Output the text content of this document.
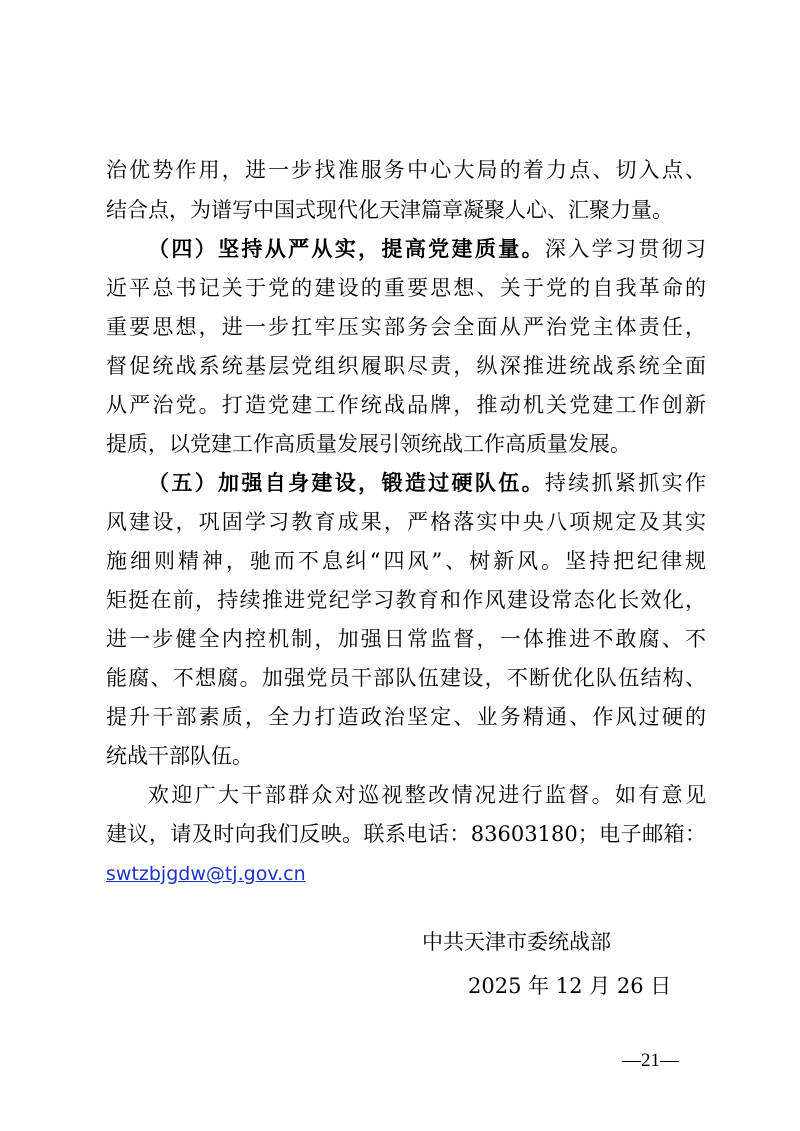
治优势作用，进一步找准服务中心大局的着力点、切入点、
结合点，为谱写中国式现代化天津篇章凝聚人心、汇聚力量。
（四）坚持从严从实，提高党建质量。深入学习贯彻习
近平总书记关于党的建设的重要思想、关于党的自我革命的
重要思想，进一步扛牢压实部务会全面从严治党主体责任，
督促统战系统基层党组织履职尽责，纵深推进统战系统全面
从严治党。打造党建工作统战品牌，推动机关党建工作创新
提质，以党建工作高质量发展引领统战工作高质量发展。
（五）加强自身建设，锻造过硬队伍。持续抓紧抓实作
风建设，巩固学习教育成果，严格落实中央八项规定及其实
施细则精神，驰而不息纠“四风”、树新风。坚持把纪律规
矩挺在前，持续推进党纪学习教育和作风建设常态化长效化，
进一步健全内控机制，加强日常监督，一体推进不敢腐、不
能腐、不想腐。加强党员干部队伍建设，不断优化队伍结构、
提升干部素质，全力打造政治坚定、业务精通、作风过硬的
统战干部队伍。
欢迎广大干部群众对巡视整改情况进行监督。如有意见
建议，请及时向我们反映。联系电话：83603180；电子邮箱：
swtzbjgdw@tj.gov.cn
中共天津市委统战部
2025 年 12 月 26 日
—21—
